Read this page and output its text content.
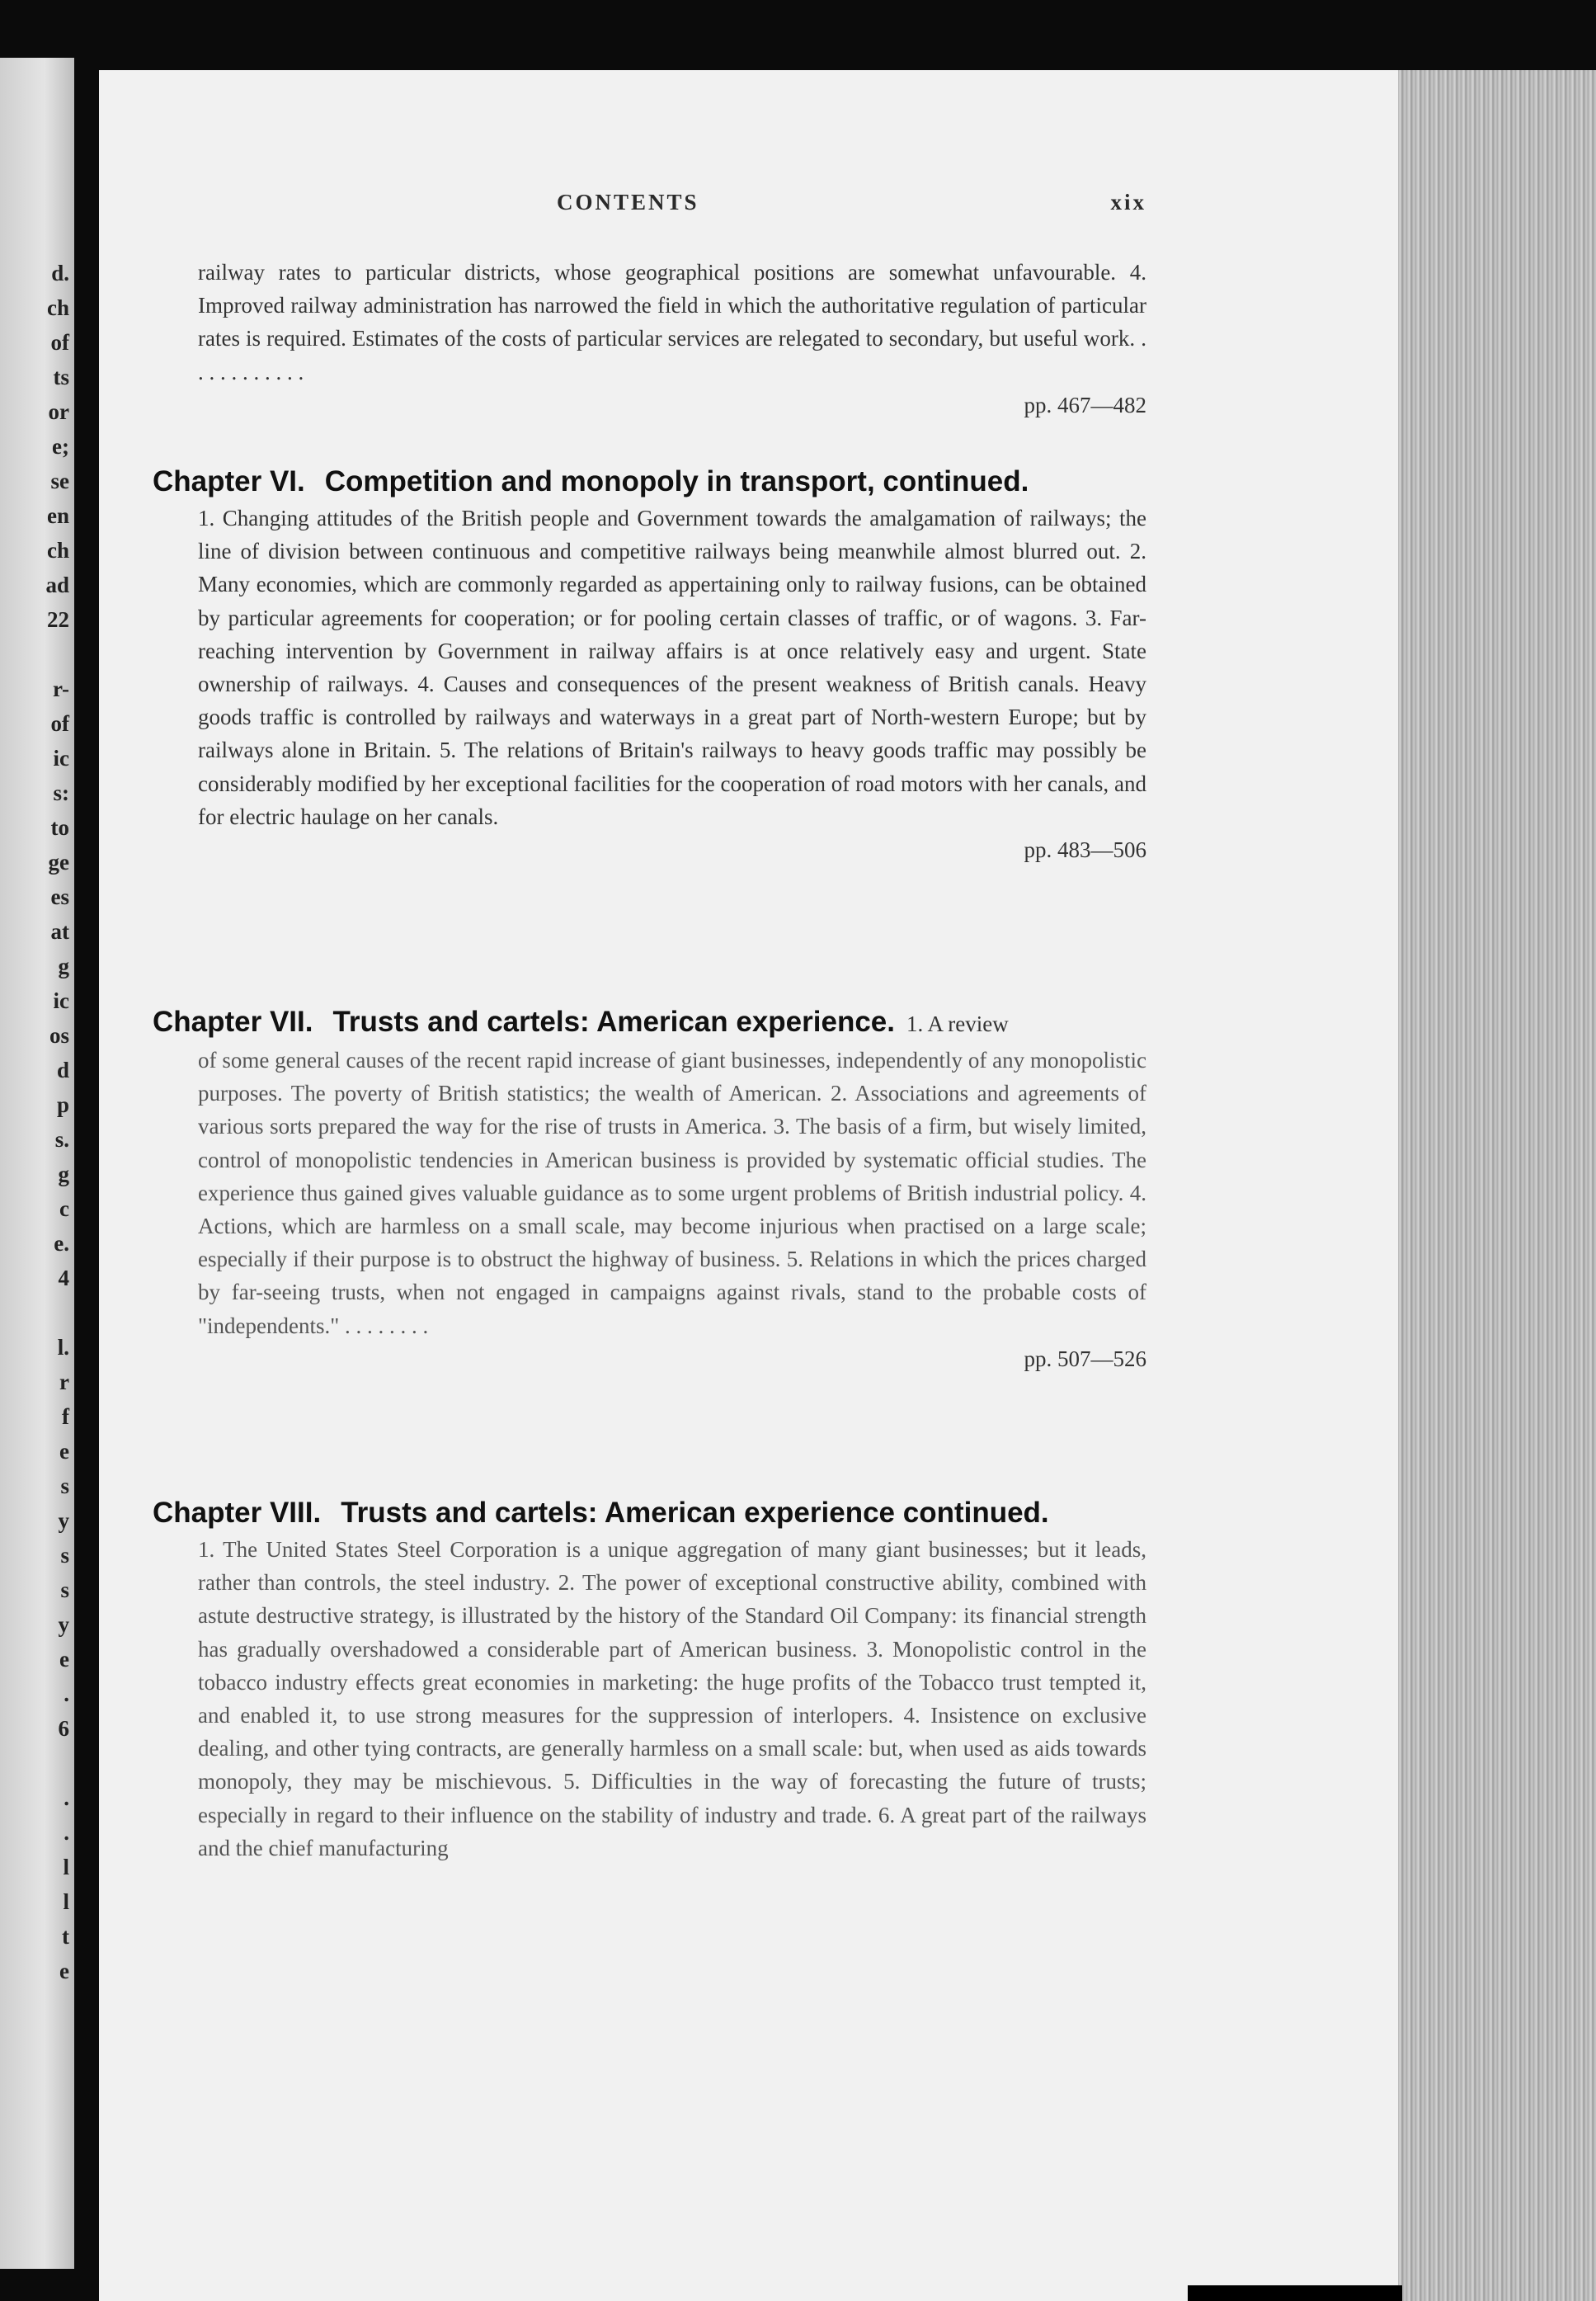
d.
ch
of
ts
or
e;
se
en
ch
ad
22
r-
of
ic
s:
to
ge
es
at
g
ic
os
d
p
s.
g
c
e.
4
l.
r
f
e
s
y
s
s
y
e
.
6
.
.
l
l
t
e
CONTENTS	xix
railway rates to particular districts, whose geographical positions are somewhat unfavourable. 4. Improved railway administration has narrowed the field in which the authoritative regulation of particular rates is required. Estimates of the costs of particular services are relegated to secondary, but useful work. . . . . . . . . . . .
pp. 467—482
Chapter VI. Competition and monopoly in transport, continued.
1. Changing attitudes of the British people and Government towards the amalgamation of railways; the line of division between continuous and competitive railways being meanwhile almost blurred out. 2. Many economies, which are commonly regarded as appertaining only to railway fusions, can be obtained by particular agreements for cooperation; or for pooling certain classes of traffic, or of wagons. 3. Far-reaching intervention by Government in railway affairs is at once relatively easy and urgent. State ownership of railways. 4. Causes and consequences of the present weakness of British canals. Heavy goods traffic is controlled by railways and waterways in a great part of North-western Europe; but by railways alone in Britain. 5. The relations of Britain's railways to heavy goods traffic may possibly be considerably modified by her exceptional facilities for the cooperation of road motors with her canals, and for electric haulage on her canals.
pp. 483—506
Chapter VII. Trusts and cartels: American experience. 1. A review
of some general causes of the recent rapid increase of giant businesses, independently of any monopolistic purposes. The poverty of British statistics; the wealth of American. 2. Associations and agreements of various sorts prepared the way for the rise of trusts in America. 3. The basis of a firm, but wisely limited, control of monopolistic tendencies in American business is provided by systematic official studies. The experience thus gained gives valuable guidance as to some urgent problems of British industrial policy. 4. Actions, which are harmless on a small scale, may become injurious when practised on a large scale; especially if their purpose is to obstruct the highway of business. 5. Relations in which the prices charged by far-seeing trusts, when not engaged in campaigns against rivals, stand to the probable costs of "independents." . . . . . . . .
pp. 507—526
Chapter VIII. Trusts and cartels: American experience continued.
1. The United States Steel Corporation is a unique aggregation of many giant businesses; but it leads, rather than controls, the steel industry. 2. The power of exceptional constructive ability, combined with astute destructive strategy, is illustrated by the history of the Standard Oil Company: its financial strength has gradually overshadowed a considerable part of American business. 3. Monopolistic control in the tobacco industry effects great economies in marketing: the huge profits of the Tobacco trust tempted it, and enabled it, to use strong measures for the suppression of interlopers. 4. Insistence on exclusive dealing, and other tying contracts, are generally harmless on a small scale: but, when used as aids towards monopoly, they may be mischievous. 5. Difficulties in the way of forecasting the future of trusts; especially in regard to their influence on the stability of industry and trade. 6. A great part of the railways and the chief manufacturing
